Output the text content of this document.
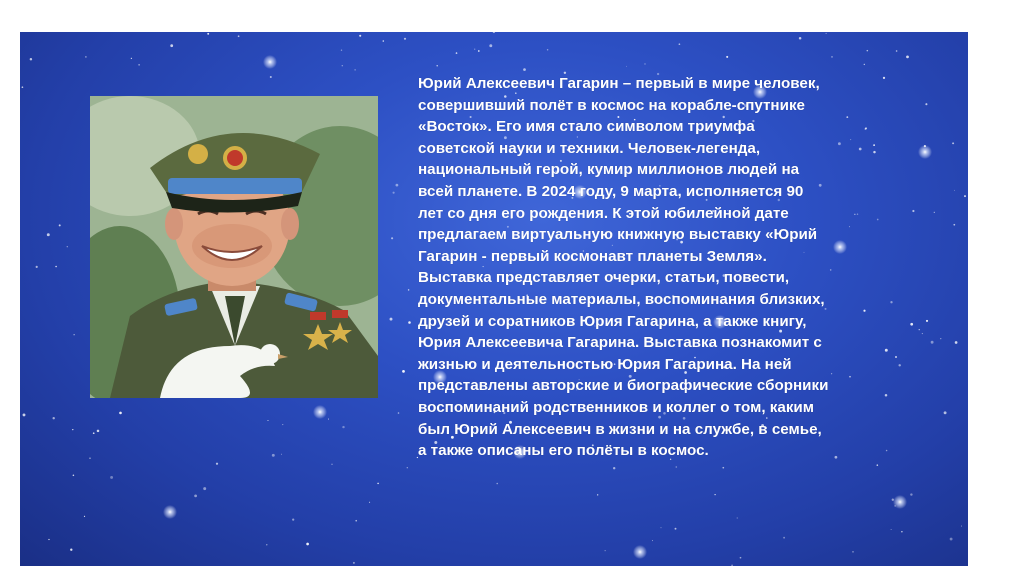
Юрий Алексеевич Гагарин – первый в мире человек,
совершивший полёт в космос на корабле-спутнике
«Восток». Его имя стало символом триумфа
советской науки и техники. Человек-легенда,
национальный герой, кумир миллионов людей на
всей планете. В 2024 году, 9 марта, исполняется 90
лет со дня его рождения. К этой юбилейной дате
предлагаем виртуальную книжную выставку «Юрий
Гагарин - первый космонавт планеты Земля».
Выставка представляет очерки, статьи, повести,
документальные материалы, воспоминания близких,
друзей и соратников Юрия Гагарина, а также книгу,
Юрия Алексеевича Гагарина. Выставка познакомит с
жизнью и деятельностью Юрия Гагарина. На ней
представлены авторские и биографические сборники
воспоминаний родственников и коллег о том, каким
был Юрий Алексеевич в жизни и на службе, в семье,
а также описаны его полёты в космос.
